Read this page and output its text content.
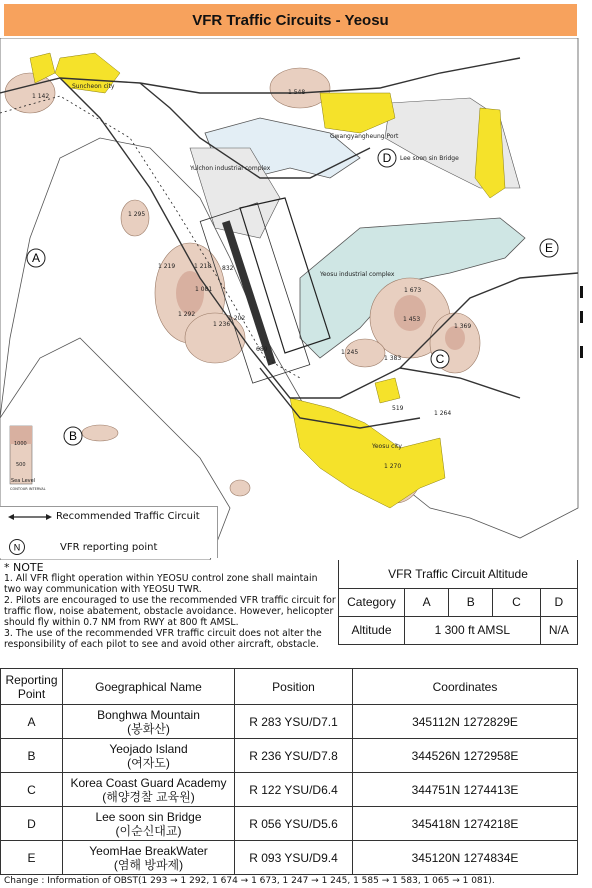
VFR Traffic Circuits - Yeosu
Suncheon city
Gwangyangheung Port
Yulchon industrial complex
Yeosu industrial complex
Yeosu city
Lee soon sin Bridge
1 142
1 548
1 295
1 219	1 218 832
1 081
1 292
1 236
1 202
689
1 673
1 453
1 369
1 245
1 383
519
1 264
1 270
A
B
C
D
E
1000
500
Sea Level
CONTOUR INTERVAL
Recommended Traffic Circuit
N	VFR reporting point
* NOTE
1. All VFR flight operation within YEOSU control zone shall maintain two way communication with YEOSU TWR.
2. Pilots are encouraged to use the recommended VFR traffic circuit for traffic flow, noise abatement, obstacle avoidance. However, helicopter should fly within 0.7 NM from RWY at 800 ft AMSL.
3. The use of the recommended VFR traffic circuit does not alter the responsibility of each pilot to see and avoid other aircraft, obstacle.
VFR Traffic Circuit Altitude				
Category	A	B	C	D
Altitude	1 300 ft AMSL			N/A
Reporting Point	Goegraphical Name	Position	Coordinates
A	Bonghwa Mountain
(봉화산)	R 283 YSU/D7.1	345112N 1272829E
B	Yeojado Island
(여자도)	R 236 YSU/D7.8	344526N 1272958E
C	Korea Coast Guard Academy
(해양경찰 교육원)	R 122 YSU/D6.4	344751N 1274413E
D	Lee soon sin Bridge
(이순신대교)	R 056 YSU/D5.6	345418N 1274218E
E	YeomHae BreakWater
(염해 방파제)	R 093 YSU/D9.4	345120N 1274834E
Change : Information of OBST(1 293 → 1 292, 1 674 → 1 673, 1 247 → 1 245, 1 585 → 1 583, 1 065 → 1 081).
